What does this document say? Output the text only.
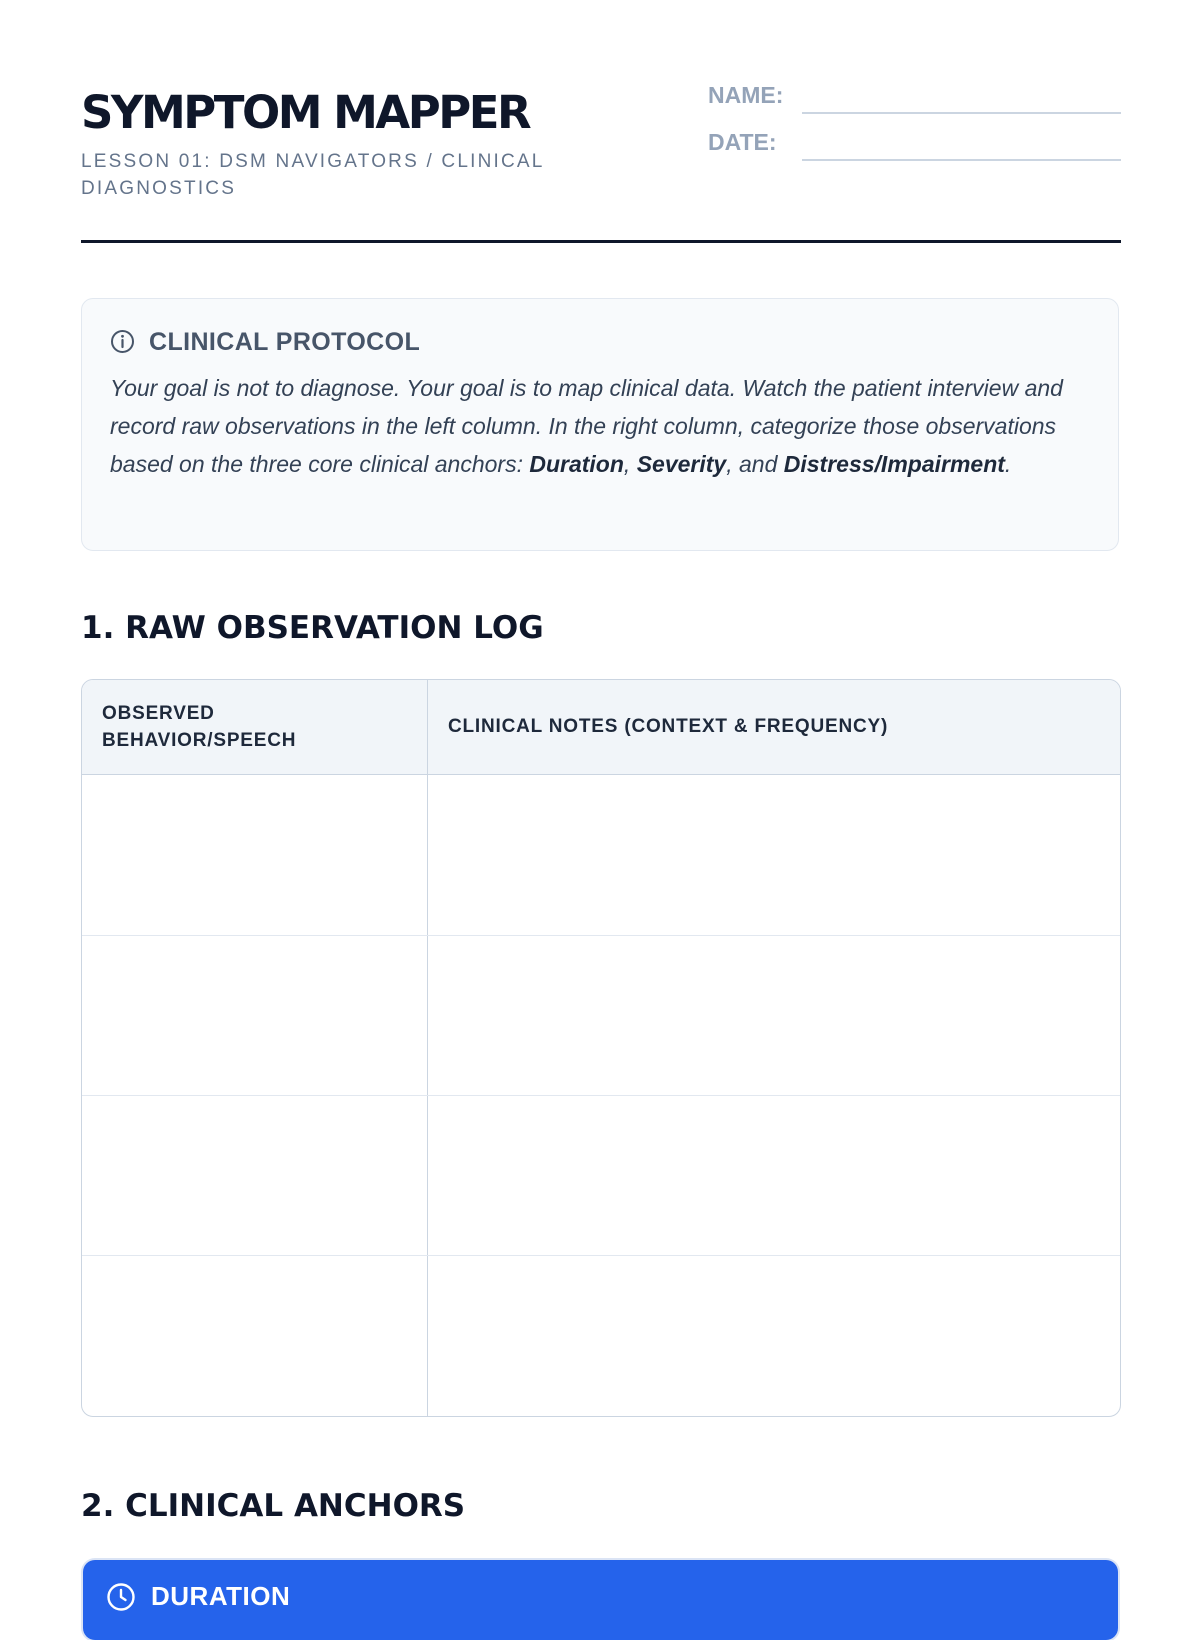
SYMPTOM MAPPER
LESSON 01: DSM NAVIGATORS / CLINICAL DIAGNOSTICS
NAME:
DATE:
CLINICAL PROTOCOL

Your goal is not to diagnose. Your goal is to map clinical data. Watch the patient interview and record raw observations in the left column. In the right column, categorize those observations based on the three core clinical anchors: Duration, Severity, and Distress/Impairment.

1. RAW OBSERVATION LOG
OBSERVED BEHAVIOR/SPEECH
CLINICAL NOTES (CONTEXT & FREQUENCY)
2. CLINICAL ANCHORS
DURATION
